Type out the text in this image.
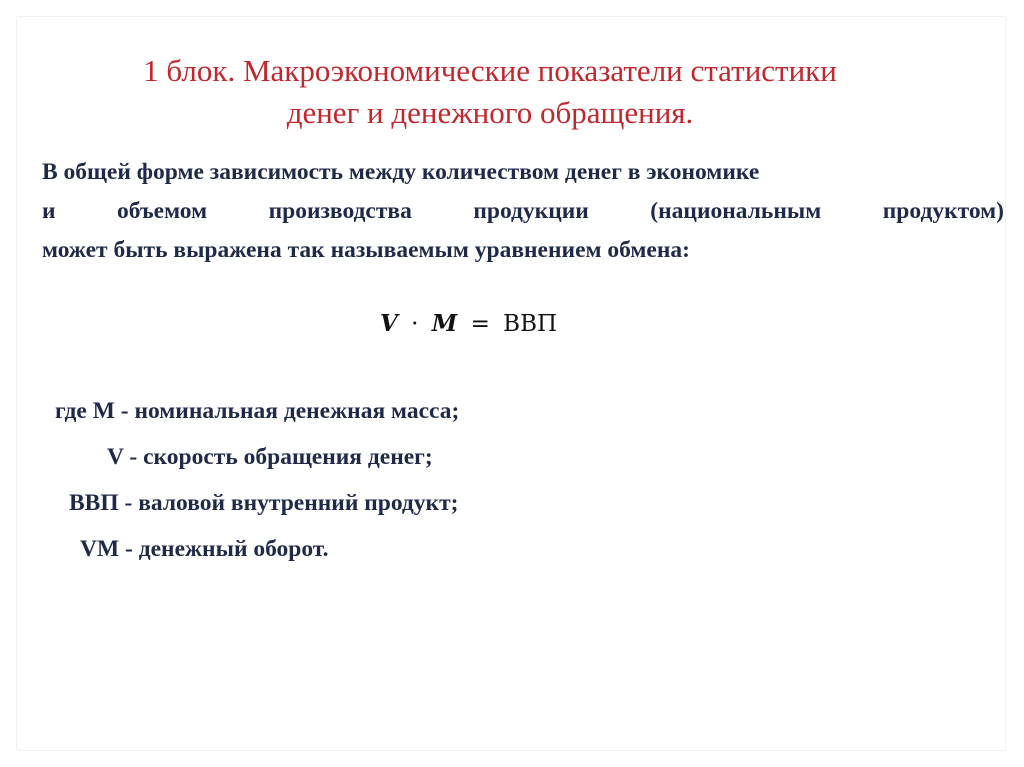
1 блок. Макроэкономические показатели статистики
денег и денежного обращения.
В общей форме зависимость между количеством денег в экономике
и объемом производства продукции (национальным продуктом)
может быть выражена так называемым уравнением обмена:
V · M = ВВП
где М - номинальная денежная масса;
V - скорость обращения денег;
ВВП - валовой внутренний продукт;
VM - денежный оборот.
